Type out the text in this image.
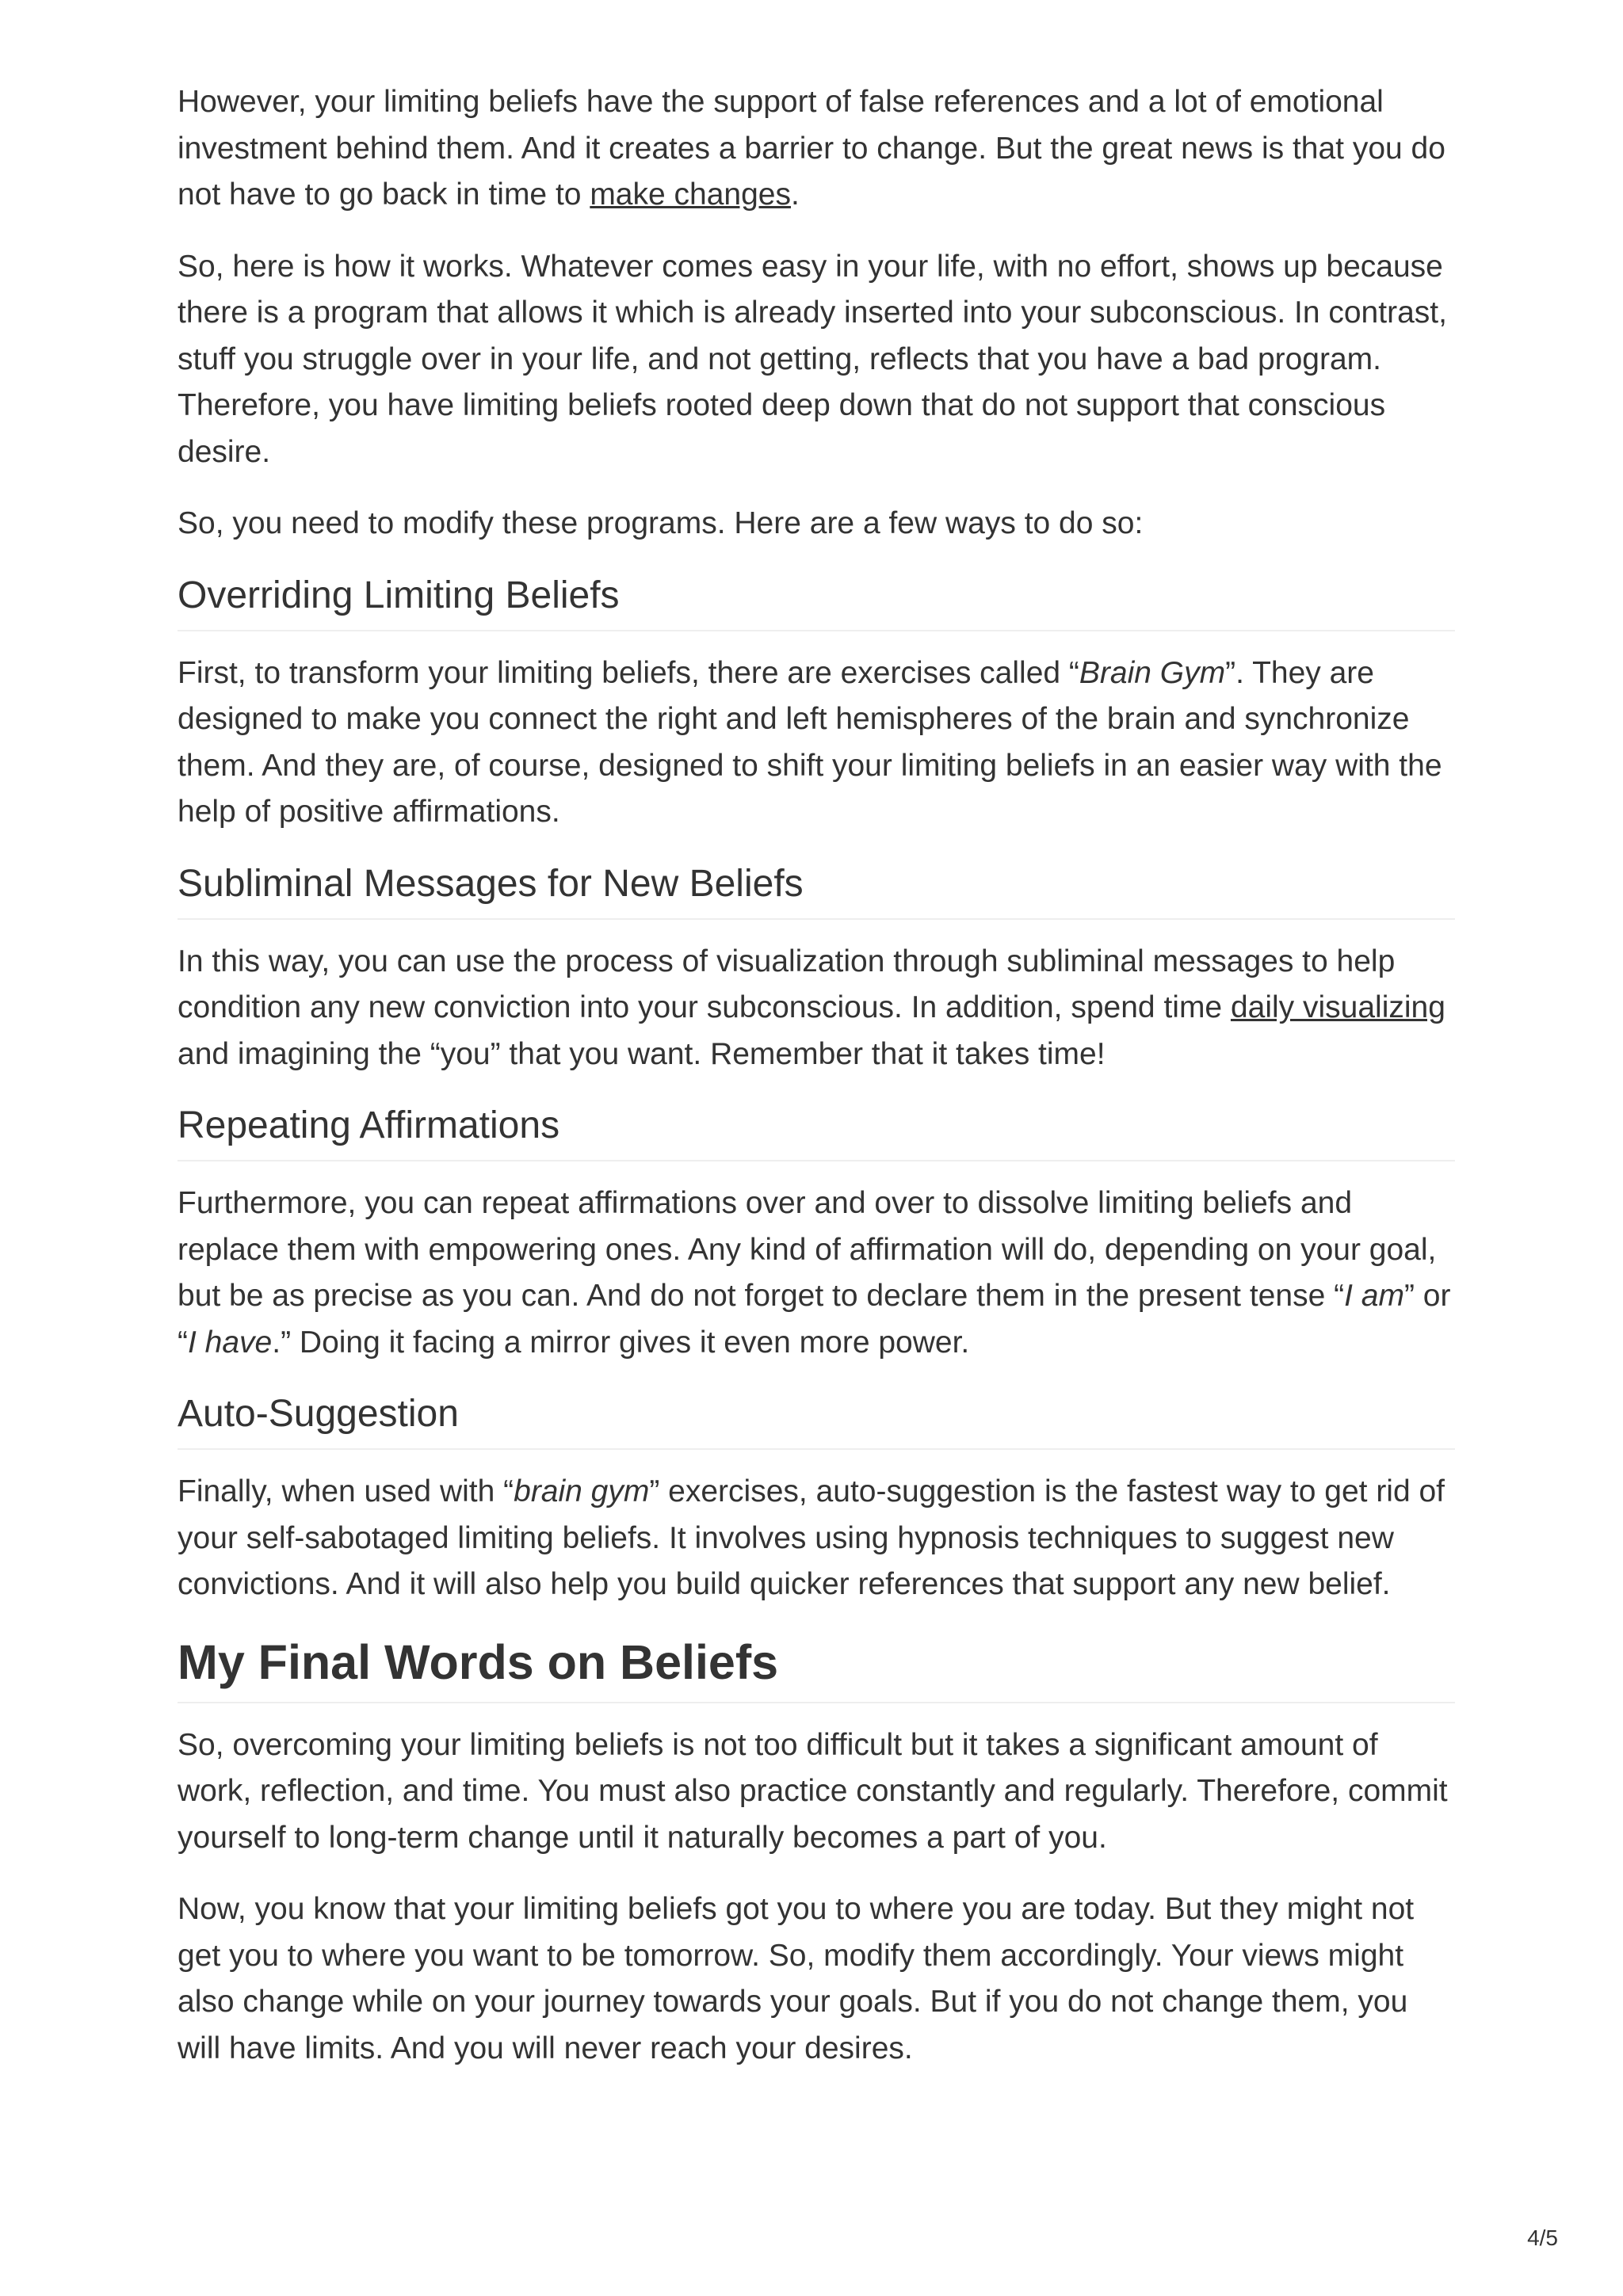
However, your limiting beliefs have the support of false references and a lot of emotional investment behind them. And it creates a barrier to change. But the great news is that you do not have to go back in time to make changes.

So, here is how it works. Whatever comes easy in your life, with no effort, shows up because there is a program that allows it which is already inserted into your subconscious. In contrast, stuff you struggle over in your life, and not getting, reflects that you have a bad program. Therefore, you have limiting beliefs rooted deep down that do not support that conscious desire.

So, you need to modify these programs. Here are a few ways to do so:

Overriding Limiting Beliefs

First, to transform your limiting beliefs, there are exercises called “Brain Gym”. They are designed to make you connect the right and left hemispheres of the brain and synchronize them. And they are, of course, designed to shift your limiting beliefs in an easier way with the help of positive affirmations.

Subliminal Messages for New Beliefs

In this way, you can use the process of visualization through subliminal messages to help condition any new conviction into your subconscious. In addition, spend time daily visualizing and imagining the “you” that you want. Remember that it takes time!

Repeating Affirmations

Furthermore, you can repeat affirmations over and over to dissolve limiting beliefs and replace them with empowering ones. Any kind of affirmation will do, depending on your goal, but be as precise as you can. And do not forget to declare them in the present tense “I am” or “I have.” Doing it facing a mirror gives it even more power.

Auto-Suggestion

Finally, when used with “brain gym” exercises, auto-suggestion is the fastest way to get rid of your self-sabotaged limiting beliefs. It involves using hypnosis techniques to suggest new convictions. And it will also help you build quicker references that support any new belief.

My Final Words on Beliefs

So, overcoming your limiting beliefs is not too difficult but it takes a significant amount of work, reflection, and time. You must also practice constantly and regularly. Therefore, commit yourself to long-term change until it naturally becomes a part of you.

Now, you know that your limiting beliefs got you to where you are today. But they might not get you to where you want to be tomorrow. So, modify them accordingly. Your views might also change while on your journey towards your goals. But if you do not change them, you will have limits. And you will never reach your desires.

4/5
